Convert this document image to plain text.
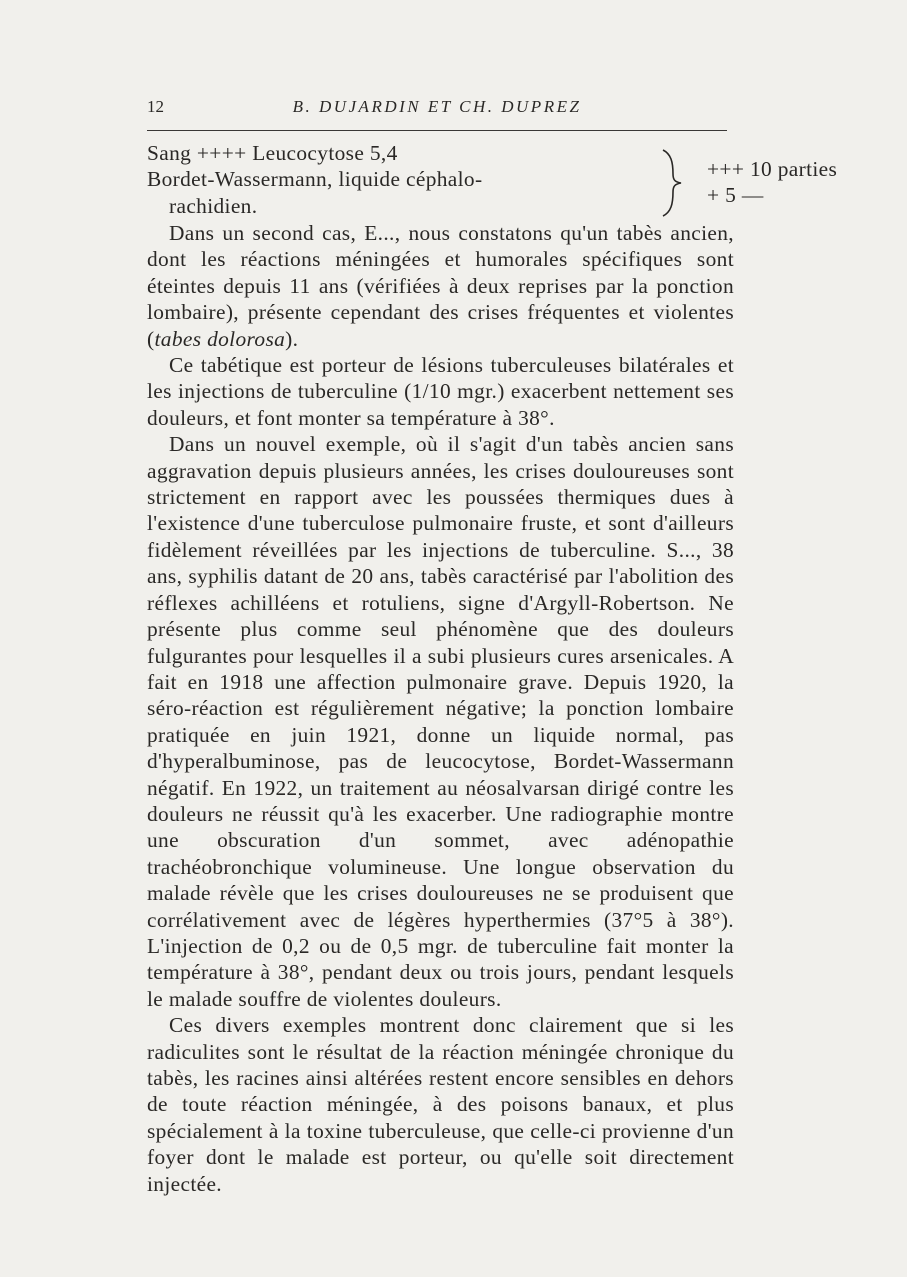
12	B. DUJARDIN ET CH. DUPREZ
Sang ++++ Leucocytose 5,4
Bordet-Wassermann, liquide céphalo-
rachidien.
+++ 10 parties
+ 5 —

Dans un second cas, E..., nous constatons qu'un tabès ancien, dont les réactions méningées et humorales spécifiques sont éteintes depuis 11 ans (vérifiées à deux reprises par la ponction lombaire), présente cependant des crises fréquentes et violentes (tabes dolorosa).

Ce tabétique est porteur de lésions tuberculeuses bilatérales et les injections de tuberculine (1/10 mgr.) exacerbent nettement ses douleurs, et font monter sa température à 38°.

Dans un nouvel exemple, où il s'agit d'un tabès ancien sans aggravation depuis plusieurs années, les crises douloureuses sont strictement en rapport avec les poussées thermiques dues à l'existence d'une tuberculose pulmonaire fruste, et sont d'ailleurs fidèlement réveillées par les injections de tuberculine. S..., 38 ans, syphilis datant de 20 ans, tabès caractérisé par l'abolition des réflexes achilléens et rotuliens, signe d'Argyll-Robertson. Ne présente plus comme seul phénomène que des douleurs fulgurantes pour lesquelles il a subi plusieurs cures arsenicales. A fait en 1918 une affection pulmonaire grave. Depuis 1920, la séro-réaction est régulièrement négative; la ponction lombaire pratiquée en juin 1921, donne un liquide normal, pas d'hyperalbuminose, pas de leucocytose, Bordet-Wassermann négatif. En 1922, un traitement au néosalvarsan dirigé contre les douleurs ne réussit qu'à les exacerber. Une radiographie montre une obscuration d'un sommet, avec adénopathie trachéobronchique volumineuse. Une longue observation du malade révèle que les crises douloureuses ne se produisent que corrélativement avec de légères hyperthermies (37°5 à 38°). L'injection de 0,2 ou de 0,5 mgr. de tuberculine fait monter la température à 38°, pendant deux ou trois jours, pendant lesquels le malade souffre de violentes douleurs.

Ces divers exemples montrent donc clairement que si les radiculites sont le résultat de la réaction méningée chronique du tabès, les racines ainsi altérées restent encore sensibles en dehors de toute réaction méningée, à des poisons banaux, et plus spécialement à la toxine tuberculeuse, que celle-ci provienne d'un foyer dont le malade est porteur, ou qu'elle soit directement injectée.
